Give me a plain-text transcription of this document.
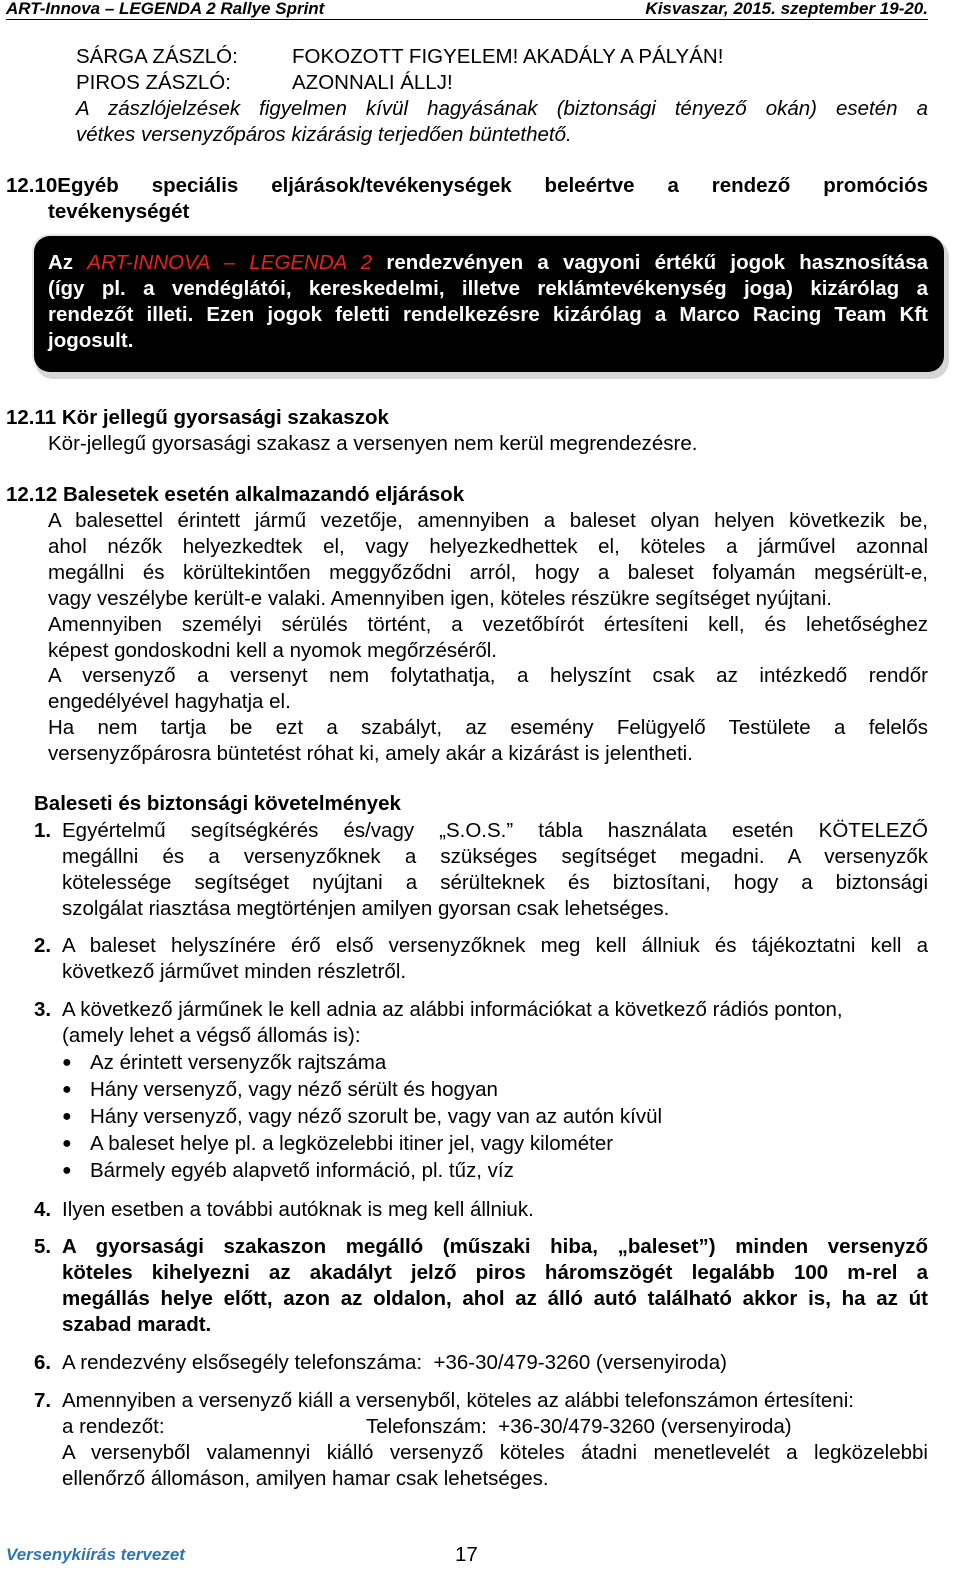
ART-Innova – LEGENDA 2 Rallye Sprint	Kisvaszar, 2015. szeptember 19-20.
SÁRGA ZÁSZLÓ:	FOKOZOTT FIGYELEM! AKADÁLY A PÁLYÁN!
PIROS ZÁSZLÓ:	AZONNALI ÁLLJ!
A zászlójelzések figyelmen kívül hagyásának (biztonsági tényező okán) esetén a
vétkes versenyzőpáros kizárásig terjedően büntethető.
12.10Egyéb speciális eljárások/tevékenységek beleértve a rendező promóciós
tevékenységét
Az ART-INNOVA – LEGENDA 2 rendezvényen a vagyoni értékű jogok hasznosítása
(így pl. a vendéglátói, kereskedelmi, illetve reklámtevékenység joga) kizárólag a
rendezőt illeti. Ezen jogok feletti rendelkezésre kizárólag a Marco Racing Team Kft
jogosult.
12.11 Kör jellegű gyorsasági szakaszok
Kör-jellegű gyorsasági szakasz a versenyen nem kerül megrendezésre.
12.12 Balesetek esetén alkalmazandó eljárások
A balesettel érintett jármű vezetője, amennyiben a baleset olyan helyen következik be,
ahol nézők helyezkedtek el, vagy helyezkedhettek el, köteles a járművel azonnal
megállni és körültekintően meggyőződni arról, hogy a baleset folyamán megsérült-e,
vagy veszélybe került-e valaki. Amennyiben igen, köteles részükre segítséget nyújtani.
Amennyiben személyi sérülés történt, a vezetőbírót értesíteni kell, és lehetőséghez
képest gondoskodni kell a nyomok megőrzéséről.
A versenyző a versenyt nem folytathatja, a helyszínt csak az intézkedő rendőr
engedélyével hagyhatja el.
Ha nem tartja be ezt a szabályt, az esemény Felügyelő Testülete a felelős
versenyzőpárosra büntetést róhat ki, amely akár a kizárást is jelentheti.
Baleseti és biztonsági követelmények
1. Egyértelmű segítségkérés és/vagy „S.O.S.” tábla használata esetén KÖTELEZŐ
megállni és a versenyzőknek a szükséges segítséget megadni. A versenyzők
kötelessége segítséget nyújtani a sérülteknek és biztosítani, hogy a biztonsági
szolgálat riasztása megtörténjen amilyen gyorsan csak lehetséges.
2. A baleset helyszínére érő első versenyzőknek meg kell állniuk és tájékoztatni kell a
következő járművet minden részletről.
3. A következő járműnek le kell adnia az alábbi információkat a következő rádiós ponton,
(amely lehet a végső állomás is):
● Az érintett versenyzők rajtszáma
● Hány versenyző, vagy néző sérült és hogyan
● Hány versenyző, vagy néző szorult be, vagy van az autón kívül
● A baleset helye pl. a legközelebbi itiner jel, vagy kilométer
● Bármely egyéb alapvető információ, pl. tűz, víz
4. Ilyen esetben a további autóknak is meg kell állniuk.
5. A gyorsasági szakaszon megálló (műszaki hiba, „baleset”) minden versenyző
köteles kihelyezni az akadályt jelző piros háromszögét legalább 100 m-rel a
megállás helye előtt, azon az oldalon, ahol az álló autó található akkor is, ha az út
szabad maradt.
6. A rendezvény elsősegély telefonszáma:  +36-30/479-3260 (versenyiroda)
7. Amennyiben a versenyző kiáll a versenyből, köteles az alábbi telefonszámon értesíteni:
a rendezőt:	Telefonszám:  +36-30/479-3260 (versenyiroda)
A versenyből valamennyi kiálló versenyző köteles átadni menetlevelét a legközelebbi
ellenőrző állomáson, amilyen hamar csak lehetséges.
Versenykiírás tervezet	17
